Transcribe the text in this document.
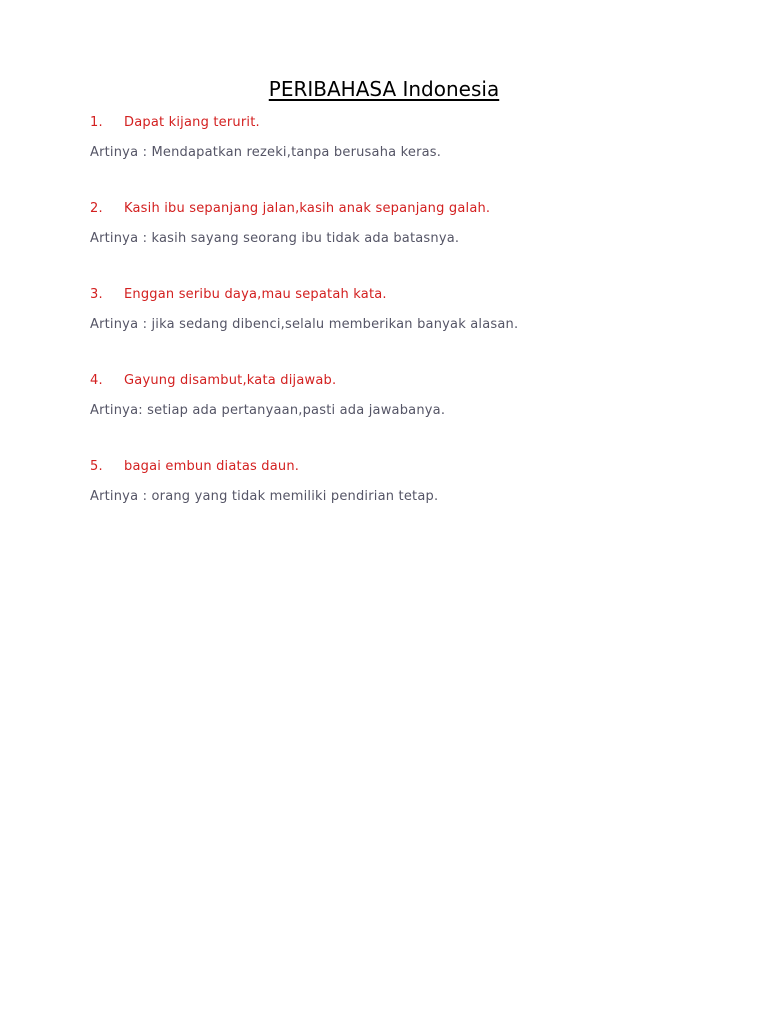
PERIBAHASA Indonesia
1.	Dapat kijang terurit.
Artinya : Mendapatkan rezeki,tanpa berusaha keras.
2.	Kasih ibu sepanjang jalan,kasih anak sepanjang galah.
Artinya : kasih sayang seorang ibu tidak ada batasnya.
3.	Enggan seribu daya,mau sepatah kata.
Artinya : jika sedang dibenci,selalu memberikan banyak alasan.
4.	Gayung disambut,kata dijawab.
Artinya: setiap ada pertanyaan,pasti ada jawabanya.
5.	bagai embun diatas daun.
Artinya : orang yang tidak memiliki pendirian tetap.
